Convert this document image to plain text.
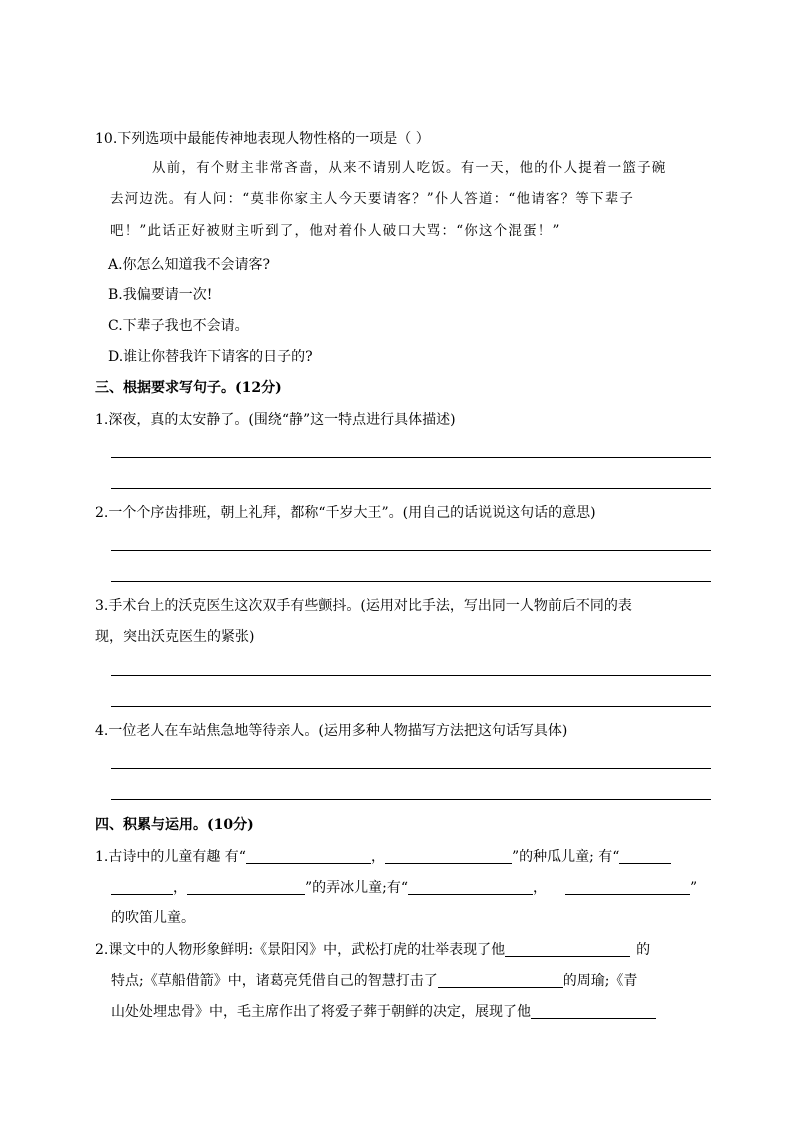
10.下列选项中最能传神地表现人物性格的一项是（ ）
从前，有个财主非常吝啬，从来不请别人吃饭。有一天，他的仆人提着一篮子碗
去河边洗。有人问：“莫非你家主人今天要请客？”仆人答道：“他请客？等下辈子
吧！”此话正好被财主听到了，他对着仆人破口大骂：“你这个混蛋！”
A.你怎么知道我不会请客?
B.我偏要请一次!
C.下辈子我也不会请。
D.谁让你替我许下请客的日子的?
三、根据要求写句子。(12分)
1.深夜，真的太安静了。(围绕“静”这一特点进行具体描述)
2.一个个序齿排班，朝上礼拜，都称“千岁大王”。(用自己的话说说这句话的意思)
3.手术台上的沃克医生这次双手有些颤抖。(运用对比手法，写出同一人物前后不同的表
现，突出沃克医生的紧张)
4.一位老人在车站焦急地等待亲人。(运用多种人物描写方法把这句话写具体)
四、积累与运用。(10分)
1.古诗中的儿童有趣 有“	，	”的种瓜儿童; 有“
，	”的弄冰儿童;有“	，	”
的吹笛儿童。
2.课文中的人物形象鲜明:《景阳冈》中，武松打虎的壮举表现了他	的
特点;《草船借箭》中，诸葛亮凭借自己的智慧打击了	的周瑜;《青
山处处埋忠骨》中，毛主席作出了将爱子葬于朝鲜的决定，展现了他
